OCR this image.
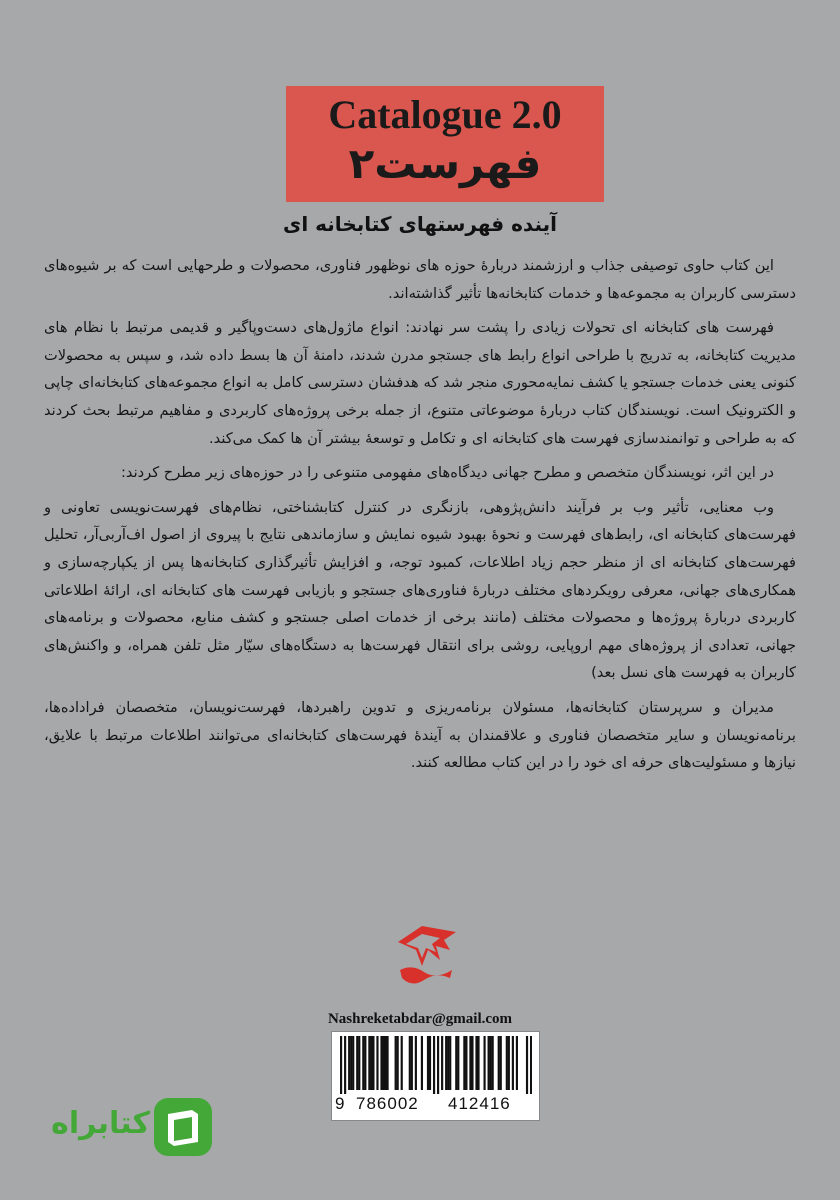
Catalogue 2.0
فهرست۲
آینده فهرستهای کتابخانه ای

این کتاب حاوی توصیفی جذاب و ارزشمند دربارهٔ حوزه های نوظهور فناوری، محصولات و طرحهایی است که بر شیوه‌های دسترسی کاربران به مجموعه‌ها و خدمات کتابخانه‌ها تأثیر گذاشته‌اند.

فهرست های کتابخانه ای تحولات زیادی را پشت سر نهادند: انواع ماژول‌های دست‌وپاگیر و قدیمی مرتبط با نظام های مدیریت کتابخانه، به تدریج با طراحی انواع رابط های جستجو مدرن شدند، دامنهٔ آن ها بسط داده شد، و سپس به محصولات کنونی یعنی خدمات جستجو یا کشف نمایه‌محوری منجر شد که هدفشان دسترسی کامل به انواع مجموعه‌های کتابخانه‌ای چاپی و الکترونیک است. نویسندگان کتاب دربارهٔ موضوعاتی متنوع، از جمله برخی پروژه‌های کاربردی و مفاهیم مرتبط بحث کردند که به طراحی و توانمندسازی فهرست های کتابخانه ای و تکامل و توسعهٔ بیشتر آن ها کمک می‌کند.

در این اثر، نویسندگان متخصص و مطرح جهانی دیدگاه‌های مفهومی متنوعی را در حوزه‌های زیر مطرح کردند:

وب معنایی، تأثیر وب بر فرآیند دانش‌پژوهی، بازنگری در کنترل کتابشناختی، نظام‌های فهرست‌نویسی تعاونی و فهرست‌های کتابخانه ای، رابط‌های فهرست و نحوهٔ بهبود شیوه نمایش و سازماندهی نتایج با پیروی از اصول اف‌آر‌بی‌آر، تحلیل فهرست‌های کتابخانه ای از منظر حجم زیاد اطلاعات، کمبود توجه، و افزایش تأثیرگذاری کتابخانه‌ها پس از یکپارچه‌سازی و همکاری‌های جهانی، معرفی رویکردهای مختلف دربارهٔ فناوری‌های جستجو و بازیابی فهرست های کتابخانه ای، ارائهٔ اطلاعاتی کاربردی دربارهٔ پروژه‌ها و محصولات مختلف (مانند برخی از خدمات اصلی جستجو و کشف منابع، محصولات و برنامه‌های جهانی، تعدادی از پروژه‌های مهم اروپایی، روشی برای انتقال فهرست‌ها به دستگاه‌های سیّار مثل تلفن همراه، و واکنش‌های کاربران به فهرست های نسل بعد)

مدیران و سرپرستان کتابخانه‌ها، مسئولان برنامه‌ریزی و تدوین راهبردها، فهرست‌نویسان، متخصصان فراداده‌ها، برنامه‌نویسان و سایر متخصصان فناوری و علاقمندان به آیندهٔ فهرست‌های کتابخانه‌ای می‌توانند اطلاعات مرتبط با علایق، نیازها و مسئولیت‌های حرفه ای خود را در این کتاب مطالعه کنند.

Nashreketabdar@gmail.com
9 786002 412416
کتابراه
